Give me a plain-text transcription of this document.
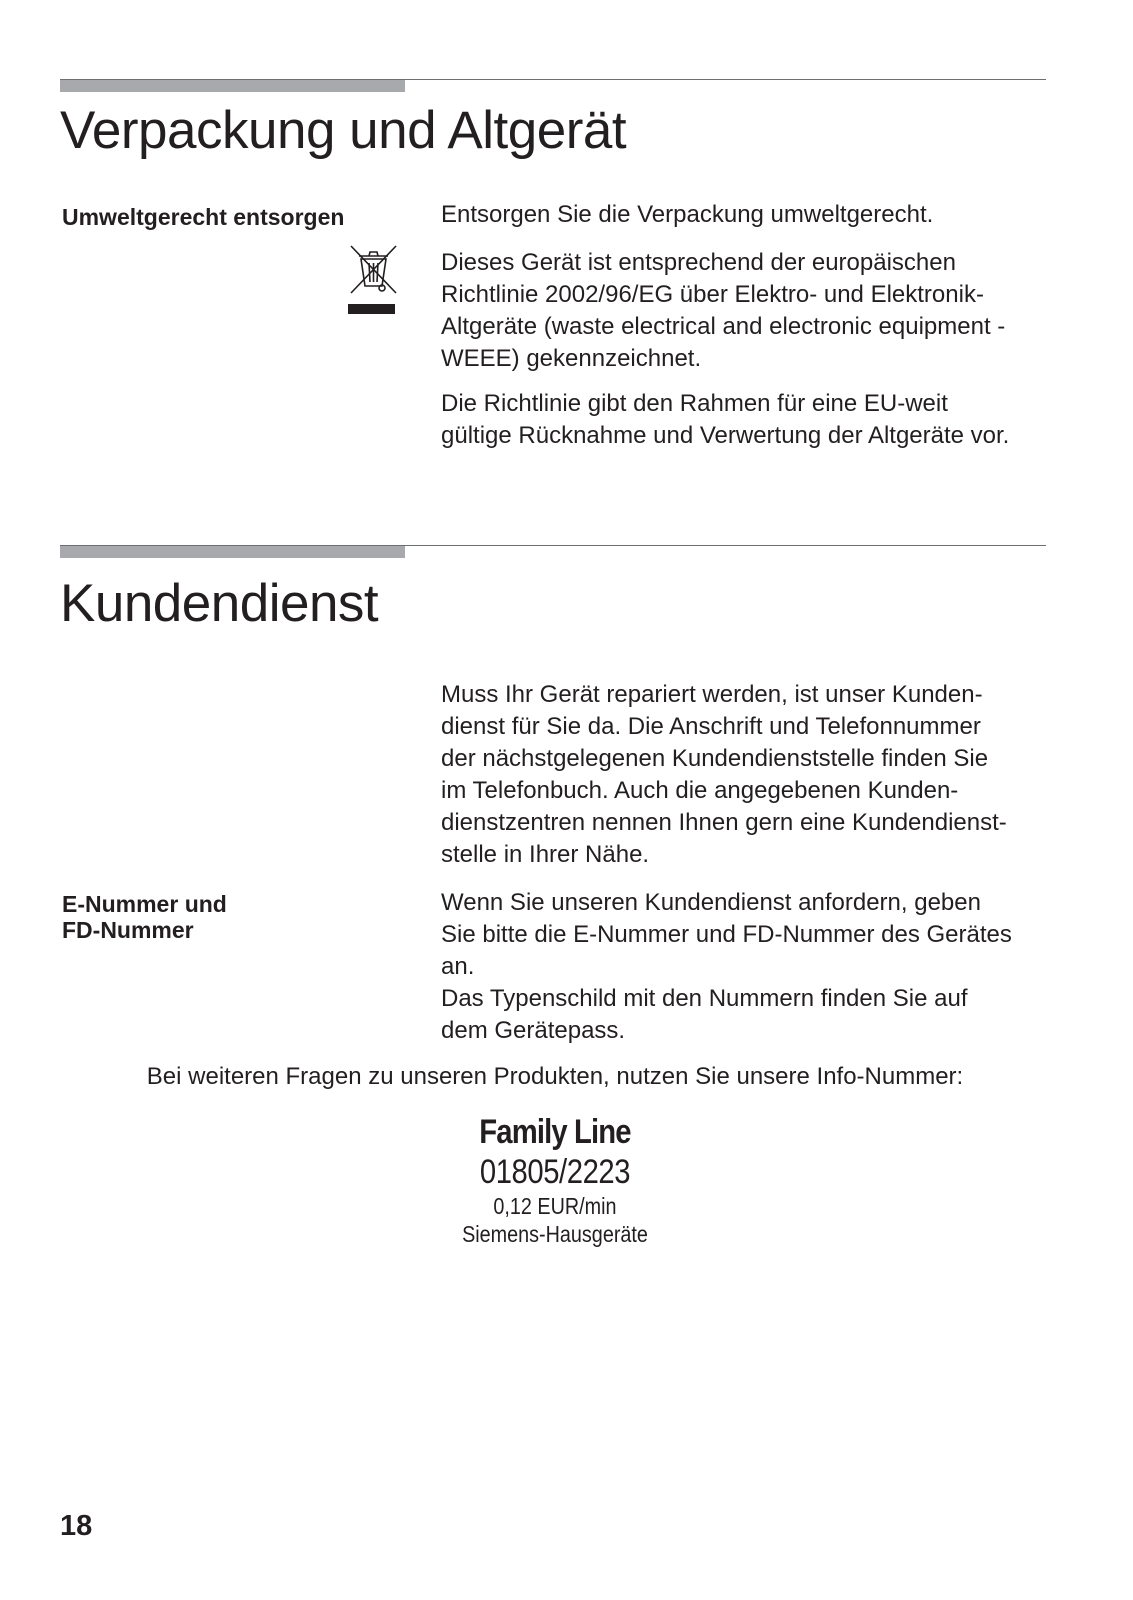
Verpackung und Altgerät
Umweltgerecht entsorgen	Entsorgen Sie die Verpackung umweltgerecht.

Dieses Gerät ist entsprechend der europäischen
Richtlinie 2002/96/EG über Elektro- und Elektronik-
Altgeräte (waste electrical and electronic equipment -
WEEE) gekennzeichnet.

Die Richtlinie gibt den Rahmen für eine EU-weit
gültige Rücknahme und Verwertung der Altgeräte vor.

Kundendienst

Muss Ihr Gerät repariert werden, ist unser Kunden-
dienst für Sie da. Die Anschrift und Telefonnummer
der nächstgelegenen Kundendienststelle finden Sie
im Telefonbuch. Auch die angegebenen Kunden-
dienstzentren nennen Ihnen gern eine Kundendienst-
stelle in Ihrer Nähe.

E-Nummer und
FD-Nummer

Wenn Sie unseren Kundendienst anfordern, geben
Sie bitte die E-Nummer und FD-Nummer des Gerätes
an.
Das Typenschild mit den Nummern finden Sie auf
dem Gerätepass.

Bei weiteren Fragen zu unseren Produkten, nutzen Sie unsere Info-Nummer:
Family Line
01805/2223
0,12 EUR/min
Siemens-Hausgeräte
18
